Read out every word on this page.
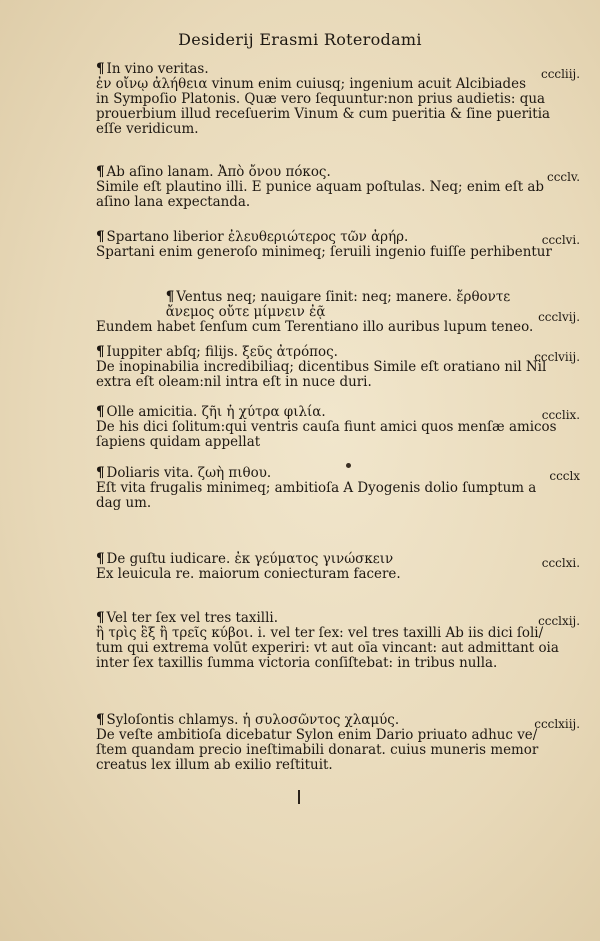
Desiderij Erasmi Roterodami
¶ In vino veritas.
ἐν οἴνῳ ἀλήθεια vinum enim cuiusq; ingenium acuit Alcibiades
cccliij.
in Sympoſio Platonis. Quæ vero ſequuntur:non prius audietis: qua
prouerbium illud receſuerim Vinum & cum pueritia & ſine pueritia
eſſe veridicum.
¶ Ab aſino lanam. Ἀπὸ ὄνου πόκος.
Simile eſt plautino illi. E punice aquam poſtulas. Neq; enim eſt ab
ccclv.
aſino lana expectanda.
¶ Spartano liberior ἐλευθεριώτερος τῶν ἀρήρ.
Spartani enim generoſo minimeq; ſeruili ingenio fuiſſe perhibentur
ccclvi.
¶ Ventus neq; nauigare ſinit: neq; manere. ἔρθοντε
ἄνεμος οὔτε μίμνειν ἐᾷ
Eundem habet ſenſum cum Terentiano illo auribus lupum teneo.
ccclvij.
¶ Iuppiter abſq; filijs. ξεῦς ἀτρόπος.
De inopinabilia incredibiliaq; dicentibus Simile eſt oratiano nil Nil
ccclviij.
extra eſt oleam:nil intra eſt in nuce duri.
¶ Olle amicitia. ζῆι ἡ χύτρα φιλία.
De his dici ſolitum:qui ventris cauſa fiunt amici quos menſæ amicos
ccclix.
ſapiens quidam appellat
¶ Doliaris vita. ζωὴ πιθου.
Eſt vita frugalis minimeq; ambitioſa A Dyogenis dolio ſumptum a
ccclx
dag um.
¶ De guſtu iudicare. ἐκ γεύματος γινώσκειν	ccclxi.
Ex leuicula re. maiorum coniecturam facere.
¶ Vel ter ſex vel tres taxilli.
ἢ τρὶς ἓξ ἢ τρεῖς κύβοι. i. vel ter ſex: vel tres taxilli Ab iis dici ſoli/
ccclxij.
tum qui extrema volūt experiri: vt aut oīa vincant: aut admittant oia
inter ſex taxillis ſumma victoria conſiſtebat: in tribus nulla.
¶ Syloſontis chlamys. ἡ συλοσῶντος χλαμύς.	ccclxiij.
De veſte ambitioſa dicebatur Sylon enim Dario priuato adhuc ve/
ſtem quandam precio ineſtimabili donarat. cuius muneris memor
creatus lex illum ab exilio reſtituit.
